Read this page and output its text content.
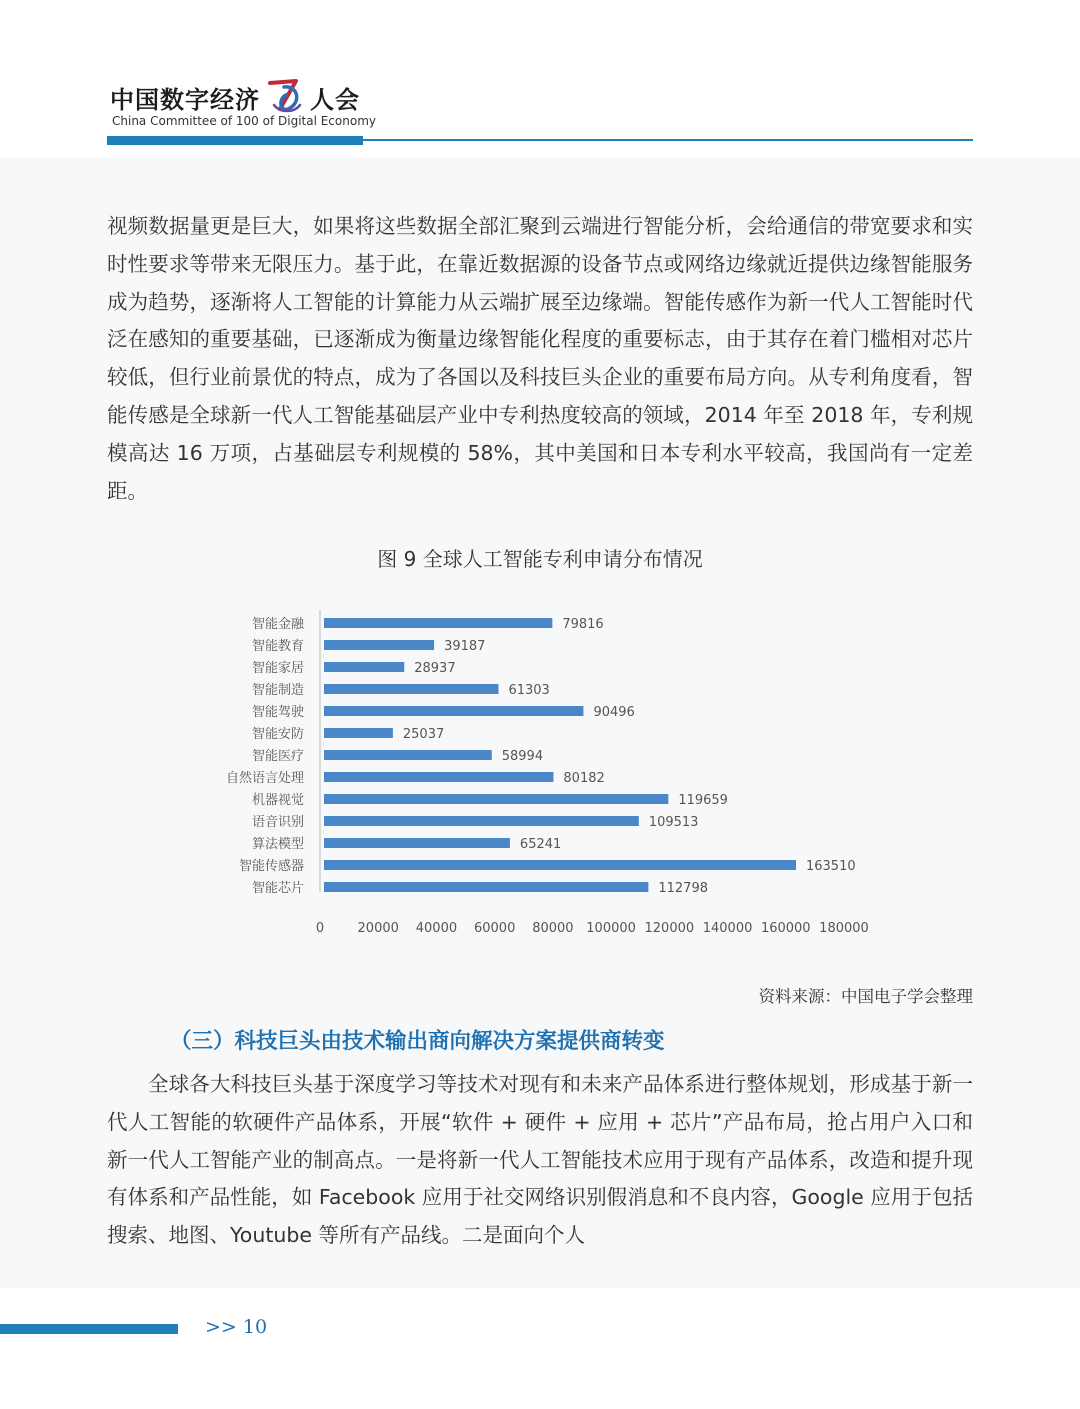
中国数字经济 人会
China Committee of 100 of Digital Economy
视频数据量更是巨大，如果将这些数据全部汇聚到云端进行智能分析，会给通信的带宽要求和实时性要求等带来无限压力。基于此，在靠近数据源的设备节点或网络边缘就近提供边缘智能服务成为趋势，逐渐将人工智能的计算能力从云端扩展至边缘端。智能传感作为新一代人工智能时代泛在感知的重要基础，已逐渐成为衡量边缘智能化程度的重要标志，由于其存在着门槛相对芯片较低，但行业前景优的特点，成为了各国以及科技巨头企业的重要布局方向。从专利角度看，智能传感是全球新一代人工智能基础层产业中专利热度较高的领域，2014 年至 2018 年，专利规模高达 16 万项，占基础层专利规模的 58%，其中美国和日本专利水平较高，我国尚有一定差距。
图 9 全球人工智能专利申请分布情况
智能金融	79816
智能教育	39187
智能家居	28937
智能制造	61303
智能驾驶	90496
智能安防	25037
智能医疗	58994
自然语言处理	80182
机器视觉	119659
语音识别	109513
算法模型	65241
智能传感器	163510
智能芯片	112798
0	20000 40000 60000 80000 100000 120000 140000 160000 180000
资料来源：中国电子学会整理
（三）科技巨头由技术输出商向解决方案提供商转变
全球各大科技巨头基于深度学习等技术对现有和未来产品体系进行整体规划，形成基于新一代人工智能的软硬件产品体系，开展“软件 + 硬件 + 应用 + 芯片”产品布局，抢占用户入口和新一代人工智能产业的制高点。一是将新一代人工智能技术应用于现有产品体系，改造和提升现有体系和产品性能，如 Facebook 应用于社交网络识别假消息和不良内容，Google 应用于包括搜索、地图、Youtube 等所有产品线。二是面向个人
>> 10
